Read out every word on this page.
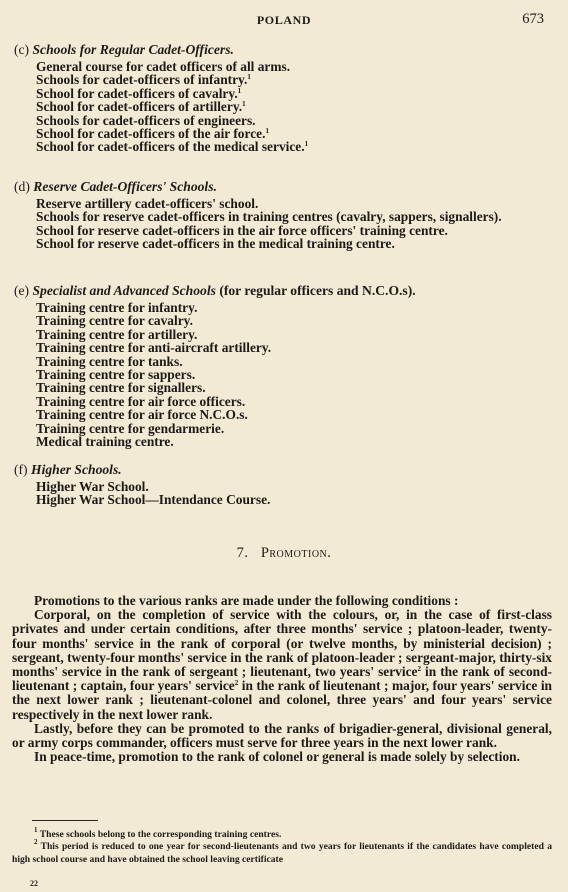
POLAND	673

(c) Schools for Regular Cadet-Officers.

General course for cadet officers of all arms.

Schools for cadet-officers of infantry.$^1$

School for cadet-officers of cavalry.$^1$

School for cadet-officers of artillery.$^1$

Schools for cadet-officers of engineers.

School for cadet-officers of the air force.$^1$

School for cadet-officers of the medical service.$^1$

(d) Reserve Cadet-Officers' Schools.

Reserve artillery cadet-officers' school.

Schools for reserve cadet-officers in training centres (cavalry, sappers, signallers).

School for reserve cadet-officers in the air force officers' training centre.

School for reserve cadet-officers in the medical training centre.

(e) Specialist and Advanced Schools (for regular officers and N.C.O.s).

Training centre for infantry.

Training centre for cavalry.

Training centre for artillery.

Training centre for anti-aircraft artillery.

Training centre for tanks.

Training centre for sappers.

Training centre for signallers.

Training centre for air force officers.

Training centre for air force N.C.O.s.

Training centre for gendarmerie.

Medical training centre.

(f) Higher Schools.

Higher War School.

Higher War School—Intendance Course.

7. Promotion.

Promotions to the various ranks are made under the following conditions :

Corporal, on the completion of service with the colours, or, in the case of first-class privates and under certain conditions, after three months' service ; platoon-leader, twenty-four months' service in the rank of corporal (or twelve months, by ministerial decision) ; sergeant, twenty-four months' service in the rank of platoon-leader ; sergeant-major, thirty-six months' service in the rank of sergeant ; lieutenant, two years' service$^2$ in the rank of second-lieutenant ; captain, four years' service$^2$ in the rank of lieutenant ; major, four years' service in the next lower rank ; lieutenant-colonel and colonel, three years' and four years' service respectively in the next lower rank.

Lastly, before they can be promoted to the ranks of brigadier-general, divisional general, or army corps commander, officers must serve for three years in the next lower rank.

In peace-time, promotion to the rank of colonel or general is made solely by selection.

$^1$ These schools belong to the corresponding training centres.

$^2$ This period is reduced to one year for second-lieutenants and two years for lieutenants if the candidates have completed a high school course and have obtained the school leaving certificate

22
